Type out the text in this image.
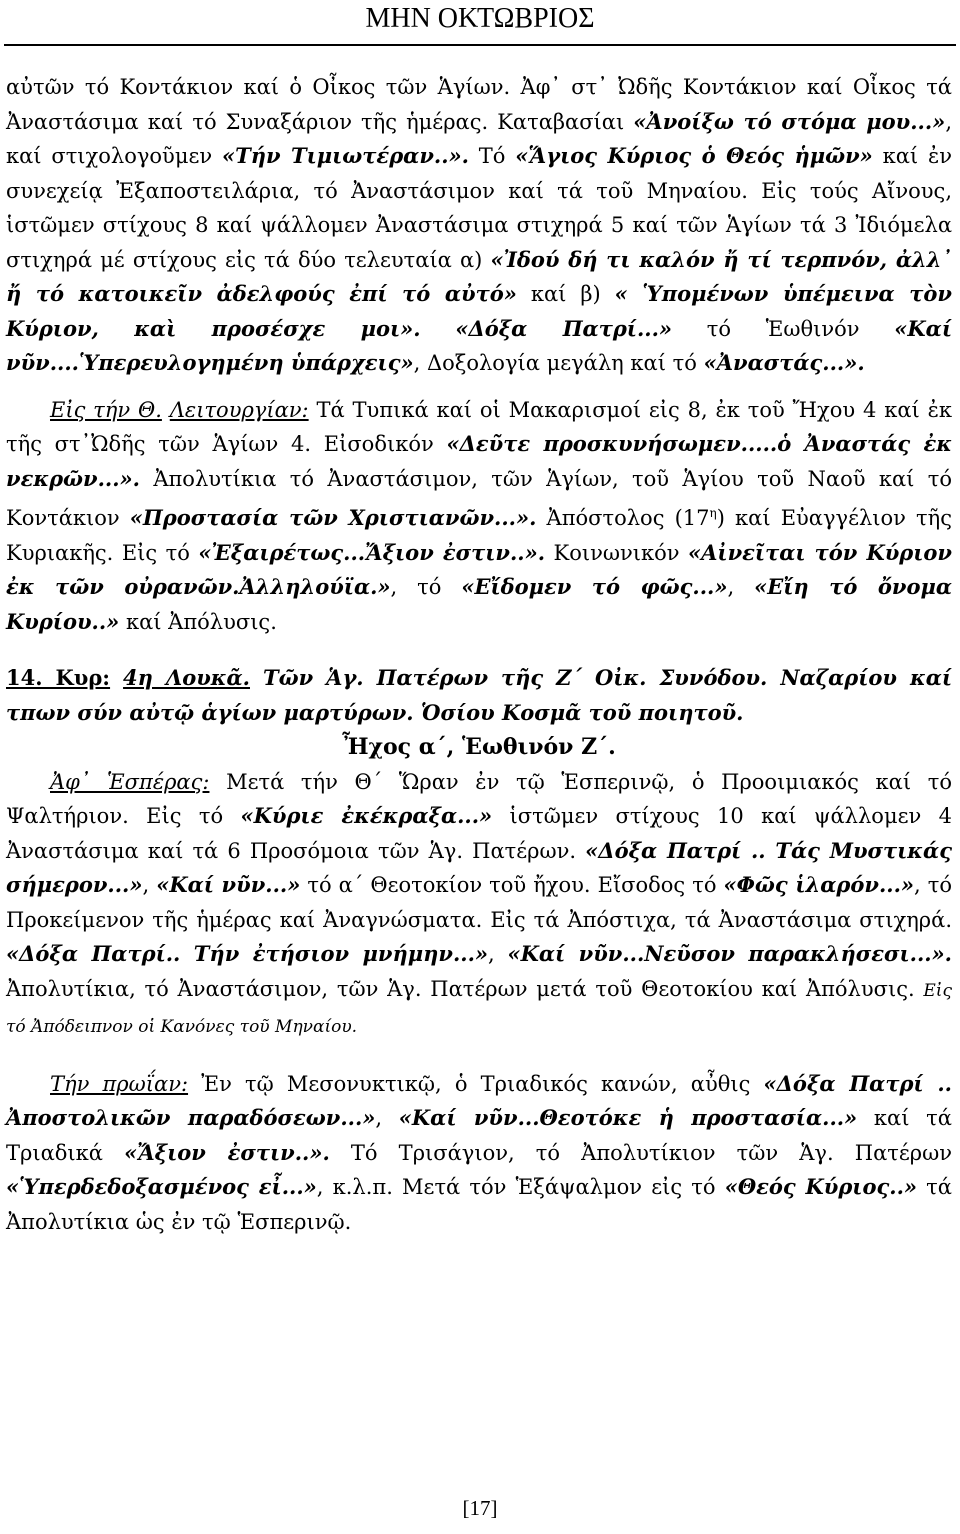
ΜΗΝ ΟΚΤΩΒΡΙΟΣ

αὐτῶν τό Κοντάκιον καί ὁ Οἶκος τῶν Ἁγίων. Ἀφ᾽ στ᾽ Ὠδῆς Κοντάκιον καί Οἶκος τά Ἀναστάσιμα καί τό Συναξάριον τῆς ἡμέρας. Καταβασίαι «Ἀνοίξω τό στόμα μου...», καί στιχολογοῦμεν «Τήν Τιμιωτέραν..». Τό «Ἅγιος Κύριος ὁ Θεός ἡμῶν» καί ἐν συνεχείᾳ Ἐξαποστειλάρια, τό Ἀναστάσιμον καί τά τοῦ Μηναίου. Εἰς τούς Αἴνους, ἱστῶμεν στίχους 8 καί ψάλλομεν Ἀναστάσιμα στιχηρά 5 καί τῶν Ἁγίων τά 3 Ἰδιόμελα στιχηρά μέ στίχους εἰς τά δύο τελευταία α) «Ἰδού δή τι καλόν ἤ τί τερπνόν, ἀλλ᾽ ἤ τό κατοικεῖν ἀδελφούς ἐπί τό αὐτό» καί β) « Ὑπομένων ὑπέμεινα τὸν Κύριον, καὶ προσέσχε μοι». «Δόξα Πατρί...» τό Ἑωθινόν «Καί νῦν....Ὑπερευλογημένη ὑπάρχεις», Δοξολογία μεγάλη καί τό «Ἀναστάς...».

Εἰς τήν Θ. Λειτουργίαν: Τά Τυπικά καί οἱ Μακαρισμοί εἰς 8, ἐκ τοῦ Ἤχου 4 καί ἐκ τῆς στ᾽Ὠδῆς τῶν Ἁγίων 4. Εἰσοδικόν «Δεῦτε προσκυνήσωμεν.....ὁ Ἀναστάς ἐκ νεκρῶν...». Ἀπολυτίκια τό Ἀναστάσιμον, τῶν Ἁγίων, τοῦ Ἁγίου τοῦ Ναοῦ καί τό Κοντάκιον «Προστασία τῶν Χριστιανῶν...». Ἀπόστολος $(17^\eta)$ καί Εὐαγγέλιον τῆς Κυριακῆς. Εἰς τό «Ἐξαιρέτως...Ἄξιον ἐστιν..». Κοινωνικόν «Αἰνεῖται τόν Κύριον ἐκ τῶν οὐρανῶν.Ἀλληλούϊα.», τό «Εἴδομεν τό φῶς...», «Εἴη τό ὄνομα Κυρίου..» καί Ἀπόλυσις.

14. Κυρ: 4η Λουκᾶ. Τῶν Ἁγ. Πατέρων τῆς Ζ΄ Οἰκ. Συνόδου. Ναζαρίου καί τπων σύν αὐτῷ ἁγίων μαρτύρων. Ὁσίου Κοσμᾶ τοῦ ποιητοῦ.

Ἦχος α΄, Ἑωθινόν Ζ΄.

Ἀφ᾽ Ἑσπέρας: Μετά τήν Θ΄ Ὥραν ἐν τῷ Ἑσπερινῷ, ὁ Προοιμιακός καί τό Ψαλτήριον. Εἰς τό «Κύριε ἐκέκραξα...» ἱστῶμεν στίχους 10 καί ψάλλομεν 4 Ἀναστάσιμα καί τά 6 Προσόμοια τῶν Ἁγ. Πατέρων. «Δόξα Πατρί .. Τάς Μυστικάς σήμερον...», «Καί νῦν...» τό α΄ Θεοτοκίον τοῦ ἤχου. Εἴσοδος τό «Φῶς ἱλαρόν...», τό Προκείμενον τῆς ἡμέρας καί Ἀναγνώσματα. Εἰς τά Ἀπόστιχα, τά Ἀναστάσιμα στιχηρά. «Δόξα Πατρί.. Τήν ἐτήσιον μνήμην...», «Καί νῦν...Νεῦσον παρακλήσεσι...». Ἀπολυτίκια, τό Ἀναστάσιμον, τῶν Ἁγ. Πατέρων μετά τοῦ Θεοτοκίου καί Ἀπόλυσις. Εἰς τό Ἀπόδειπνον οἱ Κανόνες τοῦ Μηναίου.

Τήν πρωΐαν: Ἐν τῷ Μεσονυκτικῷ, ὁ Τριαδικός κανών, αὖθις «Δόξα Πατρί .. Ἀποστολικῶν παραδόσεων...», «Καί νῦν...Θεοτόκε ἡ προστασία...» καί τά Τριαδικά «Ἄξιον ἐστιν..». Τό Τρισάγιον, τό Ἀπολυτίκιον τῶν Ἁγ. Πατέρων «Ὑπερδεδοξασμένος εἶ...», κ.λ.π. Μετά τόν Ἑξάψαλμον εἰς τό «Θεός Κύριος..» τά Ἀπολυτίκια ὡς ἐν τῷ Ἑσπερινῷ.

[17]
